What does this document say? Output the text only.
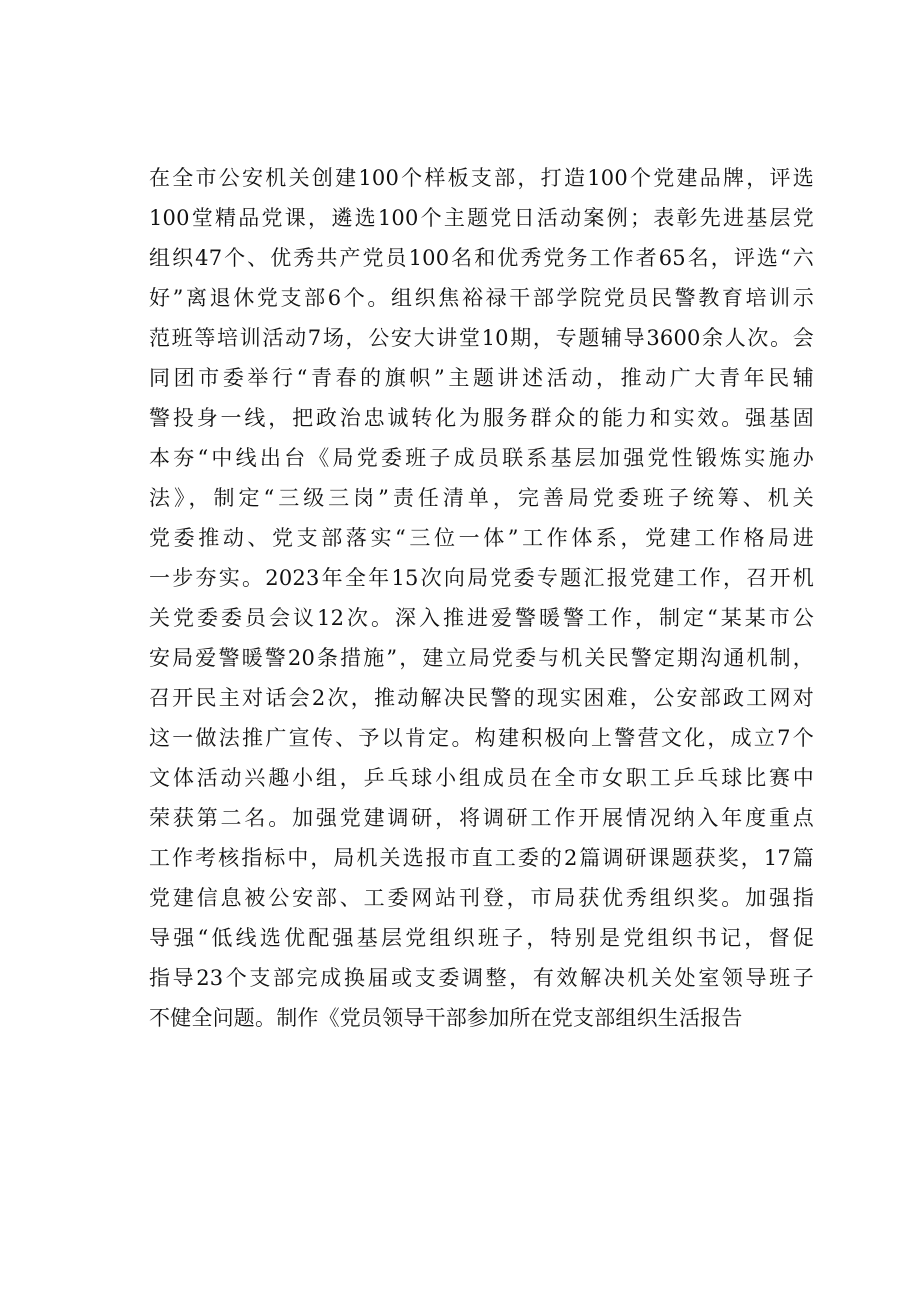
在全市公安机关创建100个样板支部，打造100个党建品牌，评选
100堂精品党课，遴选100个主题党日活动案例；表彰先进基层党
组织47个、优秀共产党员100名和优秀党务工作者65名，评选“六
好”离退休党支部6个。组织焦裕禄干部学院党员民警教育培训示
范班等培训活动7场，公安大讲堂10期，专题辅导3600余人次。会
同团市委举行“青春的旗帜”主题讲述活动，推动广大青年民辅
警投身一线，把政治忠诚转化为服务群众的能力和实效。强基固
本夯“中线出台《局党委班子成员联系基层加强党性锻炼实施办
法》，制定“三级三岗”责任清单，完善局党委班子统筹、机关
党委推动、党支部落实“三位一体”工作体系，党建工作格局进
一步夯实。2023年全年15次向局党委专题汇报党建工作，召开机
关党委委员会议12次。深入推进爱警暖警工作，制定“某某市公
安局爱警暖警20条措施”，建立局党委与机关民警定期沟通机制，
召开民主对话会2次，推动解决民警的现实困难，公安部政工网对
这一做法推广宣传、予以肯定。构建积极向上警营文化，成立7个
文体活动兴趣小组，乒乓球小组成员在全市女职工乒乓球比赛中
荣获第二名。加强党建调研，将调研工作开展情况纳入年度重点
工作考核指标中，局机关选报市直工委的2篇调研课题获奖，17篇
党建信息被公安部、工委网站刊登，市局获优秀组织奖。加强指
导强“低线选优配强基层党组织班子，特别是党组织书记，督促
指导23个支部完成换届或支委调整，有效解决机关处室领导班子
不健全问题。制作《党员领导干部参加所在党支部组织生活报告
